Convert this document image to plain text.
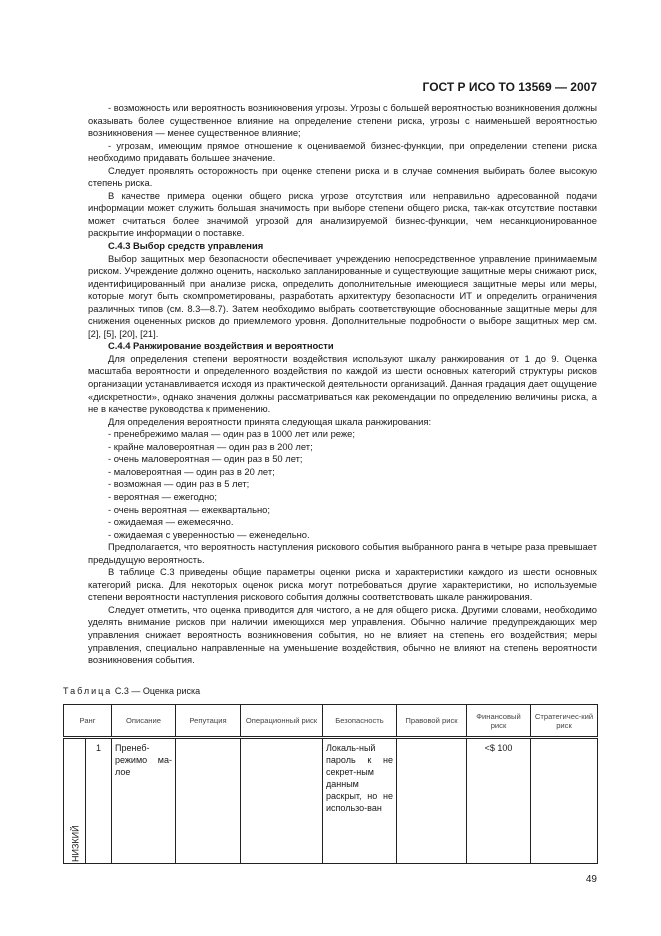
ГОСТ Р ИСО ТО 13569 — 2007

- возможность или вероятность возникновения угрозы. Угрозы с большей вероятностью возникновения должны оказывать более существенное влияние на определение степени риска, угрозы с наименьшей вероятностью возникновения — менее существенное влияние;

- угрозам, имеющим прямое отношение к оцениваемой бизнес-функции, при определении степени риска необходимо придавать большее значение.

Следует проявлять осторожность при оценке степени риска и в случае сомнения выбирать более высокую степень риска.

В качестве примера оценки общего риска угрозе отсутствия или неправильно адресованной подачи информации может служить большая значимость при выборе степени общего риска, так-как отсутствие поставки может считаться более значимой угрозой для анализируемой бизнес-функции, чем несанкционированное раскрытие информации о поставке.

С.4.3 Выбор средств управления

Выбор защитных мер безопасности обеспечивает учреждению непосредственное управление принимаемым риском. Учреждение должно оценить, насколько запланированные и существующие защитные меры снижают риск, идентифицированный при анализе риска, определить дополнительные имеющиеся защитные меры или меры, которые могут быть скомпрометированы, разработать архитектуру безопасности ИТ и определить ограничения различных типов (см. 8.3—8.7). Затем необходимо выбрать соответствующие обоснованные защитные меры для снижения оцененных рисков до приемлемого уровня. Дополнительные подробности о выборе защитных мер см. [2], [5], [20], [21].

С.4.4 Ранжирование воздействия и вероятности

Для определения степени вероятности воздействия используют шкалу ранжирования от 1 до 9. Оценка масштаба вероятности и определенного воздействия по каждой из шести основных категорий структуры рисков организации устанавливается исходя из практической деятельности организаций. Данная градация дает ощущение «дискретности», однако значения должны рассматриваться как рекомендации по определению величины риска, а не в качестве руководства к применению.

Для определения вероятности принята следующая шкала ранжирования:

- пренебрежимо малая — один раз в 1000 лет или реже;

- крайне маловероятная — один раз в 200 лет;

- очень маловероятная — один раз в 50 лет;

- маловероятная — один раз в 20 лет;

- возможная — один раз в 5 лет;

- вероятная — ежегодно;

- очень вероятная — ежеквартально;

- ожидаемая — ежемесячно.

- ожидаемая с уверенностью — еженедельно.

Предполагается, что вероятность наступления рискового события выбранного ранга в четыре раза превышает предыдущую вероятность.

В таблице С.3 приведены общие параметры оценки риска и характеристики каждого из шести основных категорий риска. Для некоторых оценок риска могут потребоваться другие характеристики, но используемые степени вероятности наступления рискового события должны соответствовать шкале ранжирования.

Следует отметить, что оценка приводится для чистого, а не для общего риска. Другими словами, необходимо уделять внимание рисков при наличии имеющихся мер управления. Обычно наличие предупреждающих мер управления снижает вероятность возникновения события, но не влияет на степень его воздействия; меры управления, специально направленные на уменьшение воздействия, обычно не влияют на степень вероятности возникновения события.

Таблица С.3 — Оценка риска
Ранг		Описание	Репутация	Операционный риск	Безопасность	Правовой риск	Финансовый риск	Стратегичес-кий риск
НИЗКИЙ	1	Пренеб-режимо ма-лое			Локаль-ный пароль к не секрет-ным данным раскрыт, но не использо-ван		<$ 100	
49
